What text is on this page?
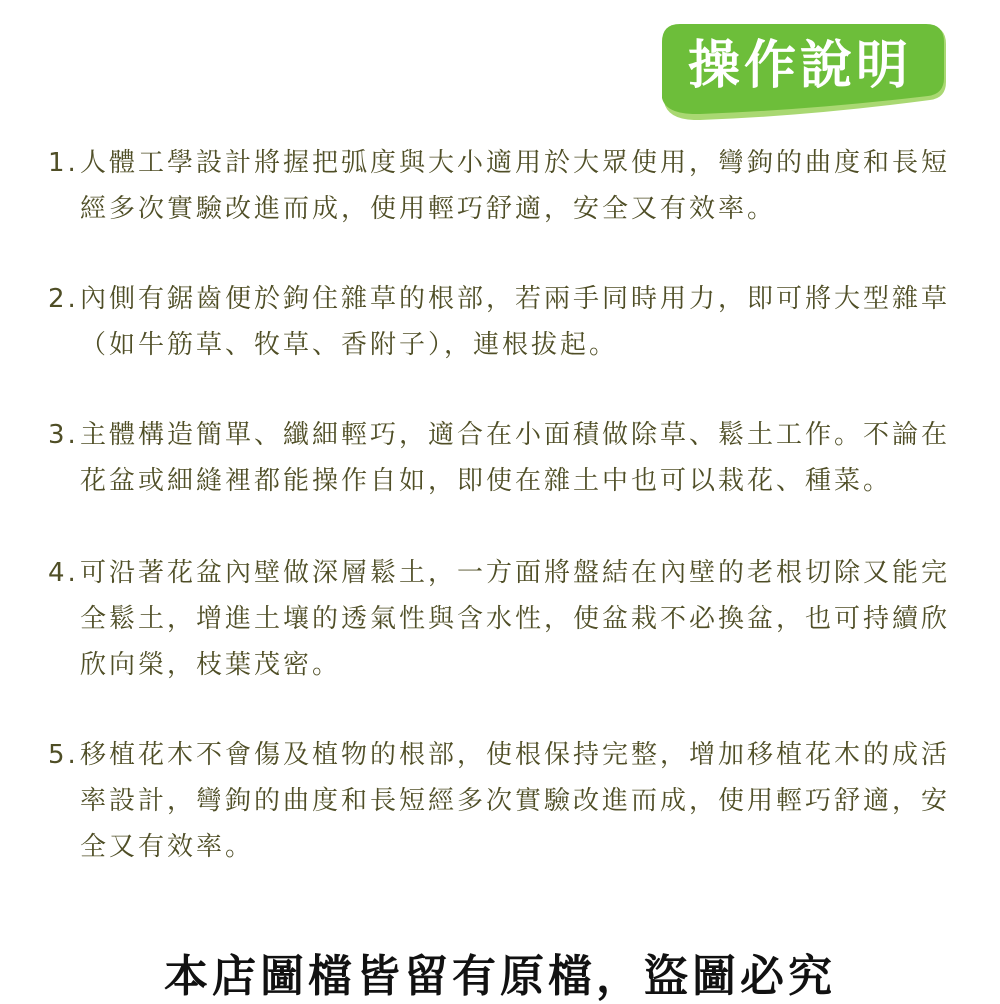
操作說明
1. 人體工學設計將握把弧度與大小適用於大眾使用，彎鉤的曲度和長短經多次實驗改進而成，使用輕巧舒適，安全又有效率。
2. 內側有鋸齒便於鉤住雜草的根部，若兩手同時用力，即可將大型雜草（如牛筋草、牧草、香附子），連根拔起。
3. 主體構造簡單、纖細輕巧，適合在小面積做除草、鬆土工作。不論在花盆或細縫裡都能操作自如，即使在雜土中也可以栽花、種菜。
4. 可沿著花盆內壁做深層鬆土，一方面將盤結在內壁的老根切除又能完全鬆土，增進土壤的透氣性與含水性，使盆栽不必換盆，也可持續欣欣向榮，枝葉茂密。
5. 移植花木不會傷及植物的根部，使根保持完整，增加移植花木的成活率設計，彎鉤的曲度和長短經多次實驗改進而成，使用輕巧舒適，安全又有效率。
本店圖檔皆留有原檔，盜圖必究
